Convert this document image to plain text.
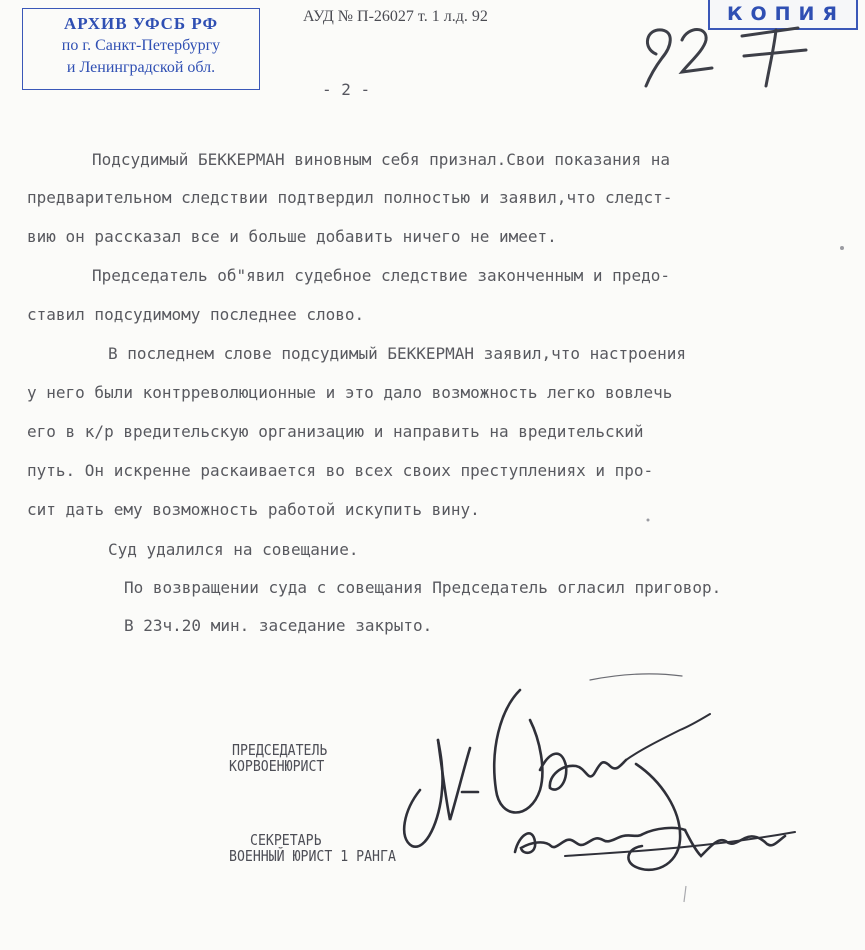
АРХИВ УФСБ РФ
по г. Санкт-Петербургу
и Ленинградской обл.
АУД № П-26027 т. 1 л.д. 92	КОПИЯ
- 2 -
Подсудимый БЕККЕРМАН виновным себя признал.Свои показания на
предварительном следствии подтвердил полностью и заявил,что следст-
вию он рассказал все и больше добавить ничего не имеет.
Председатель об"явил судебное следствие законченным и предо-
ставил подсудимому последнее слово.
В последнем слове подсудимый БЕККЕРМАН заявил,что настроения
у него были контрреволюционные и это дало возможность легко вовлечь
его в к/р вредительскую организацию и направить на вредительский
путь. Он искренне раскаивается во всех своих преступлениях и про-
сит дать ему возможность работой искупить вину.
Суд удалился на совещание.
По возвращении суда с совещания Председатель огласил приговор.
В 23ч.20 мин. заседание закрыто.
ПРЕДСЕДАТЕЛЬ
КОРВОЕНЮРИСТ
СЕКРЕТАРЬ
ВОЕННЫЙ ЮРИСТ 1 РАНГА
